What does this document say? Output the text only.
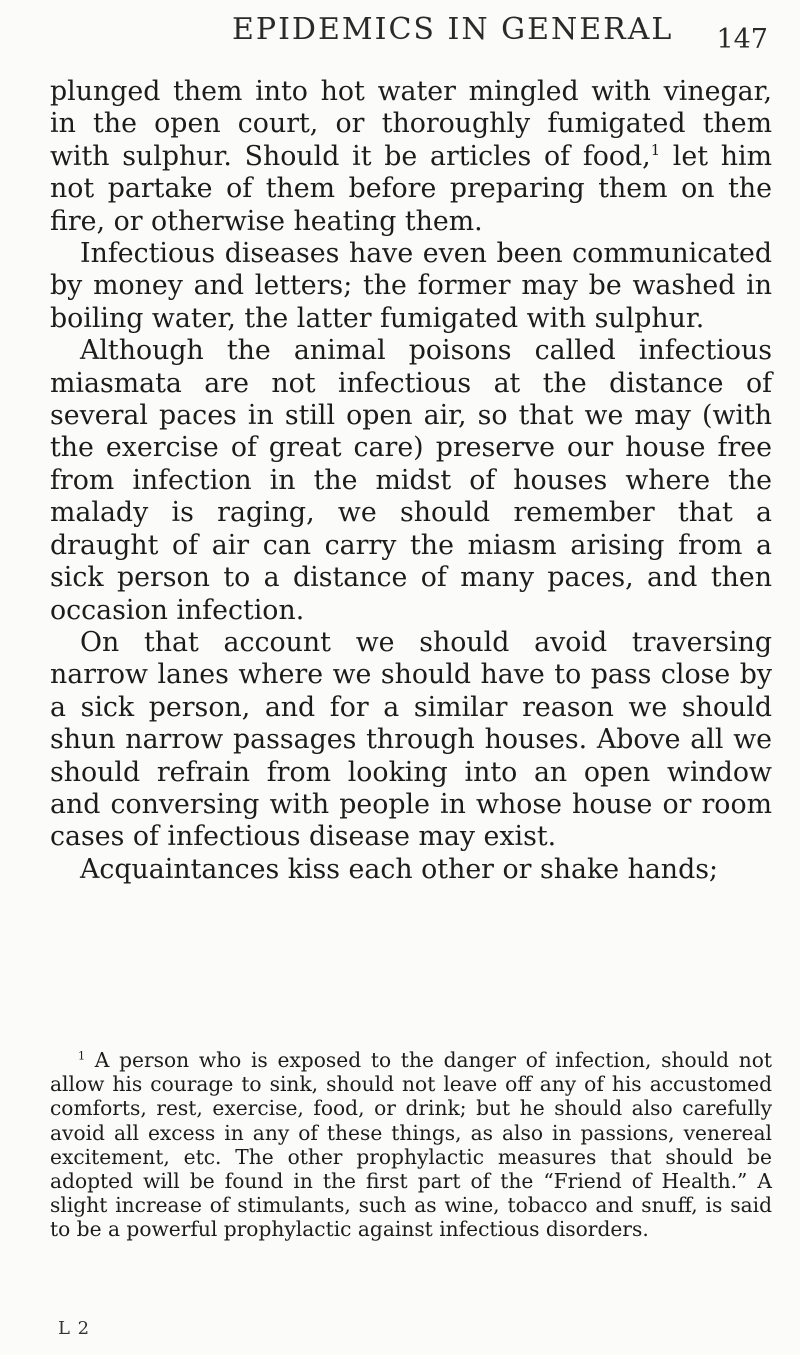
EPIDEMICS IN GENERAL 147

plunged them into hot water mingled with vinegar, in the open court, or thoroughly fumigated them with sulphur. Should it be articles of food,$^1$ let him not partake of them before preparing them on the fire, or otherwise heating them.

Infectious diseases have even been communicated by money and letters; the former may be washed in boiling water, the latter fumigated with sulphur.

Although the animal poisons called infectious miasmata are not infectious at the distance of several paces in still open air, so that we may (with the exercise of great care) preserve our house free from infection in the midst of houses where the malady is raging, we should remember that a draught of air can carry the miasm arising from a sick person to a distance of many paces, and then occasion infection.

On that account we should avoid traversing narrow lanes where we should have to pass close by a sick person, and for a similar reason we should shun narrow passages through houses. Above all we should refrain from looking into an open window and conversing with people in whose house or room cases of infectious disease may exist.

Acquaintances kiss each other or shake hands;

$^1$ A person who is exposed to the danger of infection, should not allow his courage to sink, should not leave off any of his accustomed comforts, rest, exercise, food, or drink; but he should also carefully avoid all excess in any of these things, as also in passions, venereal excitement, etc. The other prophylactic measures that should be adopted will be found in the first part of the “Friend of Health.” A slight increase of stimulants, such as wine, tobacco and snuff, is said to be a powerful prophylactic against infectious disorders.

L 2
